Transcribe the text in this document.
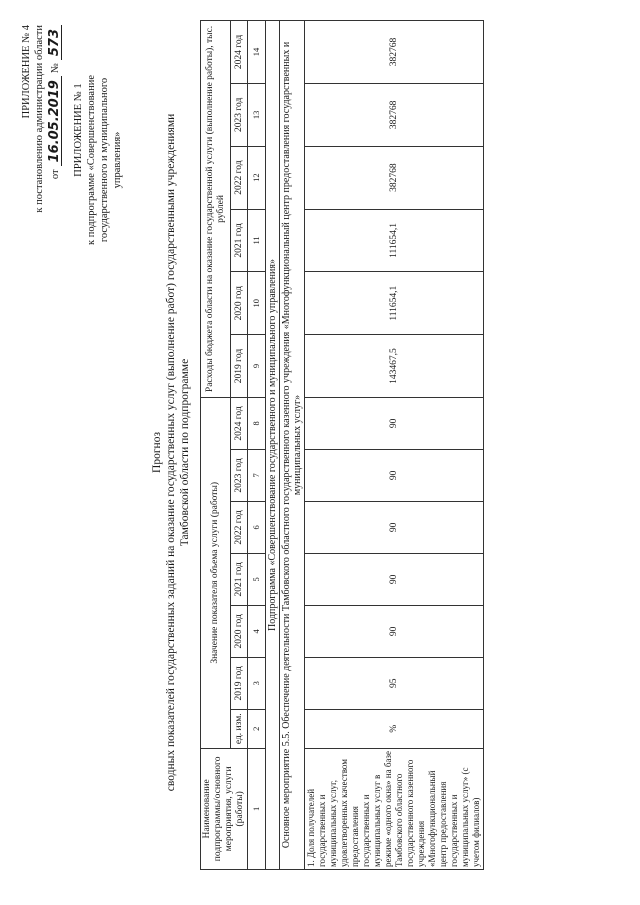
ПРИЛОЖЕНИЕ № 4 к постановлению администрации области от
16.05.2019
№
573
ПРИЛОЖЕНИЕ № 1 к подпрограмме «Совершенствование государственного и муниципального управления»
Прогноз сводных показателей государственных заданий на оказание государственных услуг (выполнение работ) государственными учреждениями Тамбовской области по подпрограмме
Наименование подпрограммы/основного мероприятия, услуги (работы)	Значение показателя объема услуги (работы)							Расходы бюджета области на оказание государственной услуги (выполнение работы), тыс. рублей					
	ед. изм.	2019 год	2020 год	2021 год	2022 год	2023 год	2024 год	2019 год	2020 год	2021 год	2022 год	2023 год	2024 год
1	2	3	4	5	6	7	8	9	10	11	12	13	14
Подпрограмма «Совершенствование государственного и муниципального управления»													
Основное мероприятие 5.5. Обеспечение деятельности Тамбовского областного государственного казенного учреждения «Многофункциональный центр предоставления государственных и муниципальных услуг»													
1. Доля получателей государственных и муниципальных услуг, удовлетворенных качеством предоставления государственных и муниципальных услуг в режиме «одного окна» на базе Тамбовского областного государственного казенного учреждения «Многофункциональный центр предоставления государственных и муниципальных услуг» (с учетом филиалов)	%	95	90	90	90	90	90	143467,5	111654,1	111654,1	382768	382768	382768
